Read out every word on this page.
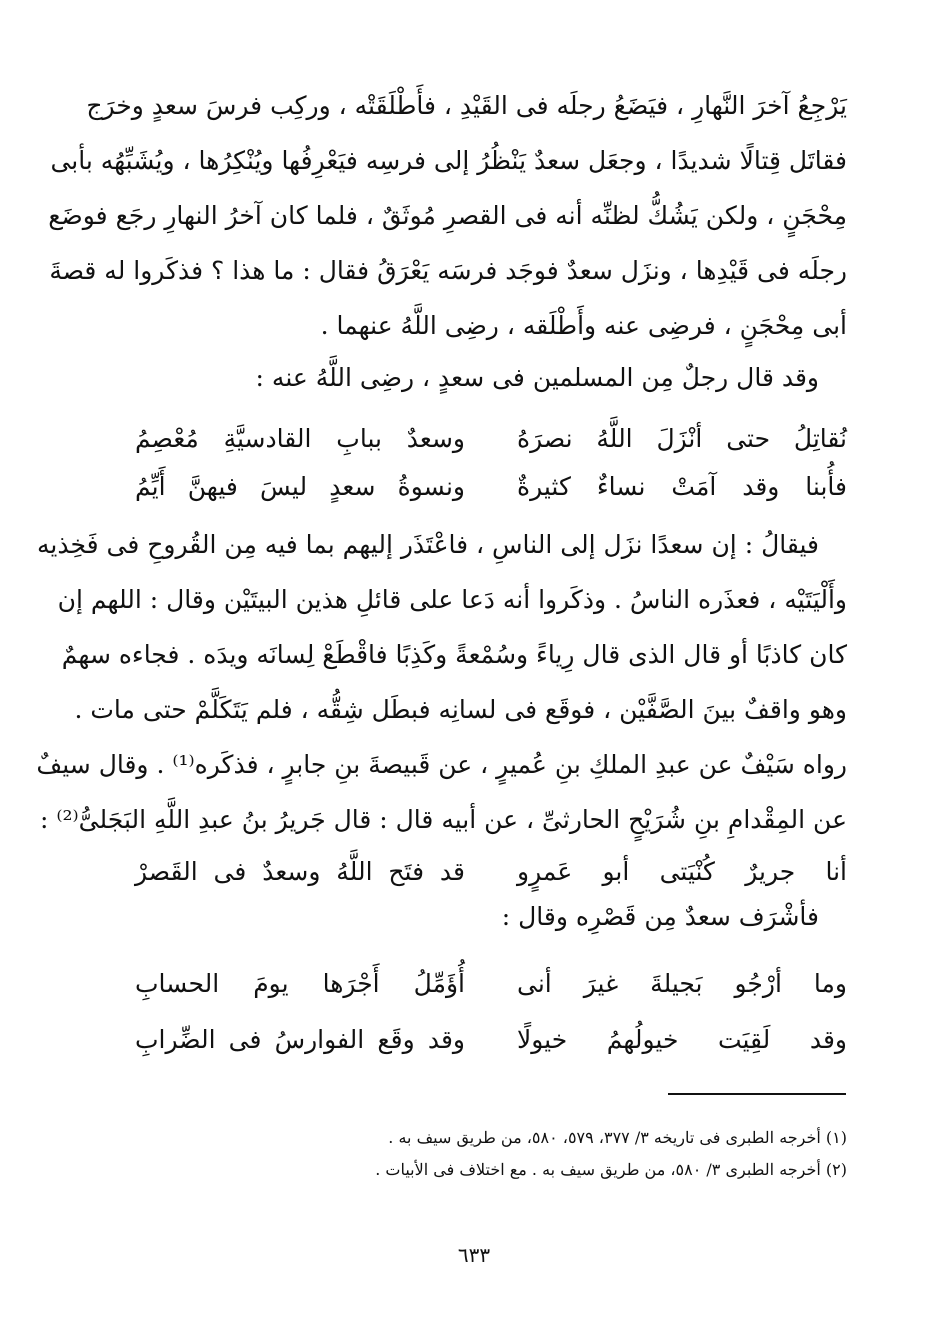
يَرْجِعُ آخرَ النَّهارِ ، فيَضَعُ رجلَه فى القَيْدِ ، فأَطْلَقَتْه ، وركِب فرسَ سعدٍ وخرَج
فقاتَل قِتالًا شديدًا ، وجعَل سعدٌ يَنْظُرُ إلى فرسِه فيَعْرِفُها ويُنْكِرُها ، ويُشَبِّهُه بأبى
مِحْجَنٍ ، ولكن يَشُكُّ لظنِّه أنه فى القصرِ مُوثَقٌ ، فلما كان آخرُ النهارِ رجَع فوضَع
رجلَه فى قَيْدِها ، ونزَل سعدٌ فوجَد فرسَه يَعْرَقُ فقال : ما هذا ؟ فذكَروا له قصةَ
أبى مِحْجَنٍ ، فرضِى عنه وأَطْلَقه ، رضِى اللَّهُ عنهما .
وقد قال رجلٌ مِن المسلمين فى سعدٍ ، رضِى اللَّهُ عنه :
نُقاتِلُ حتى أنْزَلَ اللَّهُ نصرَهُ
وسعدٌ ببابِ القادسيَّةِ مُعْصِمُ
فأُبنا وقد آمَتْ نساءٌ كثيرةٌ
ونسوةُ سعدٍ ليسَ فيهنَّ أَيِّمُ
فيقالُ : إن سعدًا نزَل إلى الناسِ ، فاعْتَذَر إليهم بما فيه مِن القُروحِ فى فَخِذيه
وأَلْيَتَيْه ، فعذَره الناسُ . وذكَروا أنه دَعا على قائلِ هذين البيتَيْن وقال : اللهم إن
كان كاذبًا أو قال الذى قال رِياءً وسُمْعةً وكَذِبًا فاقْطَعْ لِسانَه ويدَه . فجاءه سهمٌ
وهو واقفٌ بينَ الصَّفَّيْن ، فوقَع فى لسانِه فبطَل شِقُّه ، فلم يَتَكَلَّمْ حتى مات .
رواه سَيْفٌ عن عبدِ الملكِ بنِ عُميرٍ ، عن قَبيصةَ بنِ جابرٍ ، فذكَره⁽¹⁾ . وقال سيفٌ
عن المِقْدامِ بنِ شُرَيْحٍ الحارثىِّ ، عن أبيه قال : قال جَريرُ بنُ عبدِ اللَّهِ البَجَلىُّ⁽²⁾ :
أنا جريرٌ كُنْيَتى أبو عَمرٍو
قد فتَح اللَّهُ وسعدٌ فى القَصرْ
فأشْرَف سعدٌ مِن قَصْرِه وقال :
وما أرْجُو بَجيلةَ غيرَ أنى
أُؤَمِّلُ أَجْرَها يومَ الحسابِ
وقد لَقِيَت خيولُهمُ خيولًا
وقد وقَع الفوارسُ فى الضِّرابِ
(١) أخرجه الطبرى فى تاريخه ٣/ ٣٧٧، ٥٧٩، ٥٨٠، من طريق سيف به .
(٢) أخرجه الطبرى ٣/ ٥٨٠، من طريق سيف به . مع اختلاف فى الأبيات .
٦٣٣
